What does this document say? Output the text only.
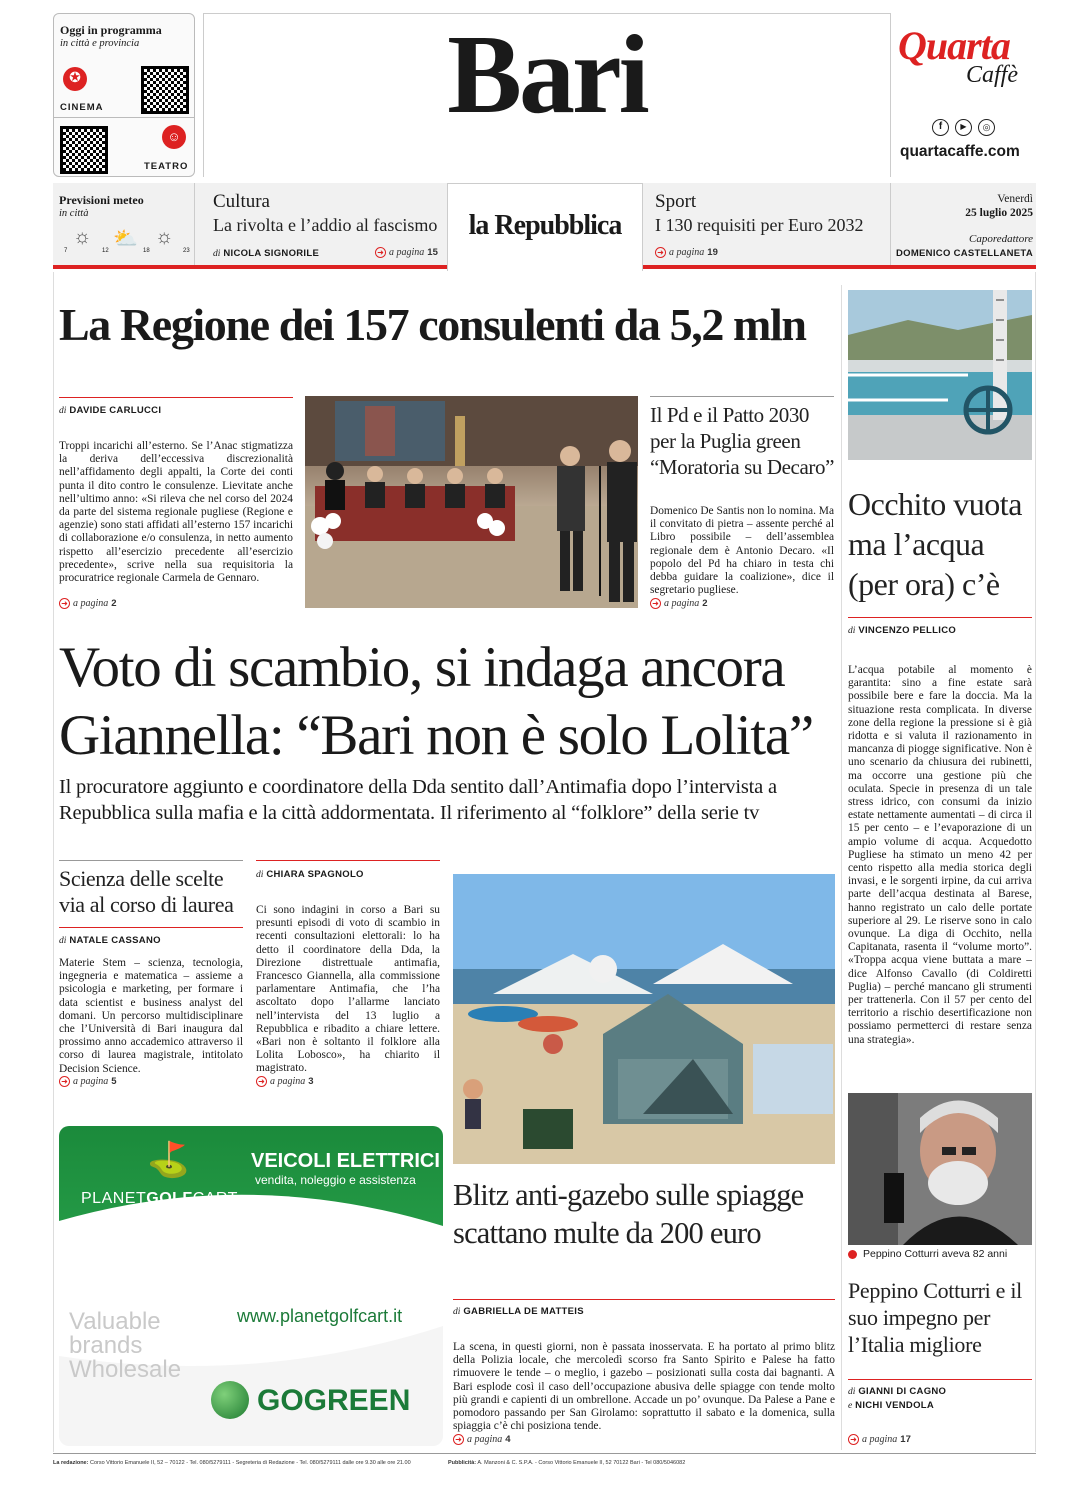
Oggi in programma
in città e provincia
✪
CINEMA
☺
TEATRO
Bari	Quarta
Caffè
f	▶	◎
quartacaffe.com
Previsioni meteo
in città
☼ ⛅ ☼
7	12	18	23
Cultura
La rivolta e l’addio al fascismo
di NICOLA SIGNORILE	➜ a pagina 15
la Repubblica
Sport
I 130 requisiti per Euro 2032
➜ a pagina 19
Venerdì
25 luglio 2025
Caporedattore
DOMENICO CASTELLANETA
La Regione dei 157 consulenti da 5,2 mln
di DAVIDE CARLUCCI
Troppi incarichi all’esterno. Se l’Anac stigmatizza la deriva dell’eccessiva discrezionalità nell’affidamento degli appalti, la Corte dei conti punta il dito contro le consulenze. Lievitate anche nell’ultimo anno: «Si rileva che nel corso del 2024 da parte del sistema regionale pugliese (Regione e agenzie) sono stati affidati all’esterno 157 incarichi di collaborazione e/o consulenza, in netto aumento rispetto all’esercizio precedente all’esercizio precedente», scrive nella sua requisitoria la procuratrice regionale Carmela de Gennaro.
➜ a pagina 2
Il Pd e il Patto 2030 per la Puglia green “Moratoria su Decaro”
Domenico De Santis non lo nomina. Ma il convitato di pietra – assente perché al Libro possibile – dell’assemblea regionale dem è Antonio Decaro. «Il popolo del Pd ha chiaro in testa chi debba guidare la coalizione», dice il segretario pugliese.
➜ a pagina 2
Occhito vuota ma l’acqua (per ora) c’è
di VINCENZO PELLICO
L’acqua potabile al momento è garantita: sino a fine estate sarà possibile bere e fare la doccia. Ma la situazione resta complicata. In diverse zone della regione la pressione si è già ridotta e si valuta il razionamento in mancanza di piogge significative. Non è uno scenario da chiusura dei rubinetti, ma occorre una gestione più che oculata. Specie in presenza di un tale stress idrico, con consumi da inizio estate nettamente aumentati – di circa il 15 per cento – e l’evaporazione di un ampio volume di acqua. Acquedotto Pugliese ha stimato un meno 42 per cento rispetto alla media storica degli invasi, e le sorgenti irpine, da cui arriva parte dell’acqua destinata al Barese, hanno registrato un calo delle portate superiore al 29. Le riserve sono in calo ovunque. La diga di Occhito, nella Capitanata, rasenta il “volume morto”. «Troppa acqua viene buttata a mare – dice Alfonso Cavallo (di Coldiretti Puglia) – perché mancano gli strumenti per trattenerla. Con il 57 per cento del territorio a rischio desertificazione non possiamo permetterci di restare senza una strategia».
Voto di scambio, si indaga ancora
Giannella: “Bari non è solo Lolita”
Il procuratore aggiunto e coordinatore della Dda sentito dall’Antimafia dopo l’intervista a Repubblica sulla mafia e la città addormentata. Il riferimento al “folklore” della serie tv
Scienza delle scelte via al corso di laurea
di NATALE CASSANO
Materie Stem – scienza, tecnologia, ingegneria e matematica – assieme a psicologia e marketing, per formare i data scientist e business analyst del domani. Un percorso multidisciplinare che l’Università di Bari inaugura dal prossimo anno accademico attraverso il corso di laurea magistrale, intitolato Decision Science.
➜ a pagina 5
di CHIARA SPAGNOLO
Ci sono indagini in corso a Bari su presunti episodi di voto di scambio in recenti consultazioni elettorali: lo ha detto il coordinatore della Dda, la Direzione distrettuale antimafia, Francesco Giannella, alla commissione parlamentare Antimafia, che l’ha ascoltato dopo l’allarme lanciato nell’intervista del 13 luglio a Repubblica e ribadito a chiare lettere. «Bari non è soltanto il folklore alla Lolita Lobosco», ha chiarito il magistrato.
➜ a pagina 3
Blitz anti-gazebo sulle spiagge scattano multe da 200 euro
di GABRIELLA DE MATTEIS
La scena, in questi giorni, non è passata inosservata. E ha portato al primo blitz della Polizia locale, che mercoledì scorso fra Santo Spirito e Palese ha fatto rimuovere le tende – o meglio, i gazebo – posizionati sulla costa dai bagnanti. A Bari esplode così il caso dell’occupazione abusiva delle spiagge con tende molto più grandi e capienti di un ombrellone. Accade un po’ ovunque. Da Palese a Pane e pomodoro passando per San Girolamo: soprattutto il sabato e la domenica, sulla spiaggia c’è chi posiziona tende.
➜ a pagina 4
⛳	VEICOLI ELETTRICI
vendita, noleggio e assistenza
PLANETGOLFCART
www.planetgolfcart.it
Valuable
brands
Wholesale
GOGREEN
Peppino Cotturri aveva 82 anni
Peppino Cotturri e il suo impegno per l’Italia migliore
di GIANNI DI CAGNO
e NICHI VENDOLA
➜ a pagina 17
La redazione: Corso Vittorio Emanuele II, 52 – 70122 - Tel. 080/5279111 - Segreteria di Redazione - Tel. 080/5279111 dalle ore 9.30 alle ore 21.00	Pubblicità: A. Manzoni & C. S.P.A. - Corso Vittorio Emanuele II, 52 70122 Bari - Tel 080/5046082
